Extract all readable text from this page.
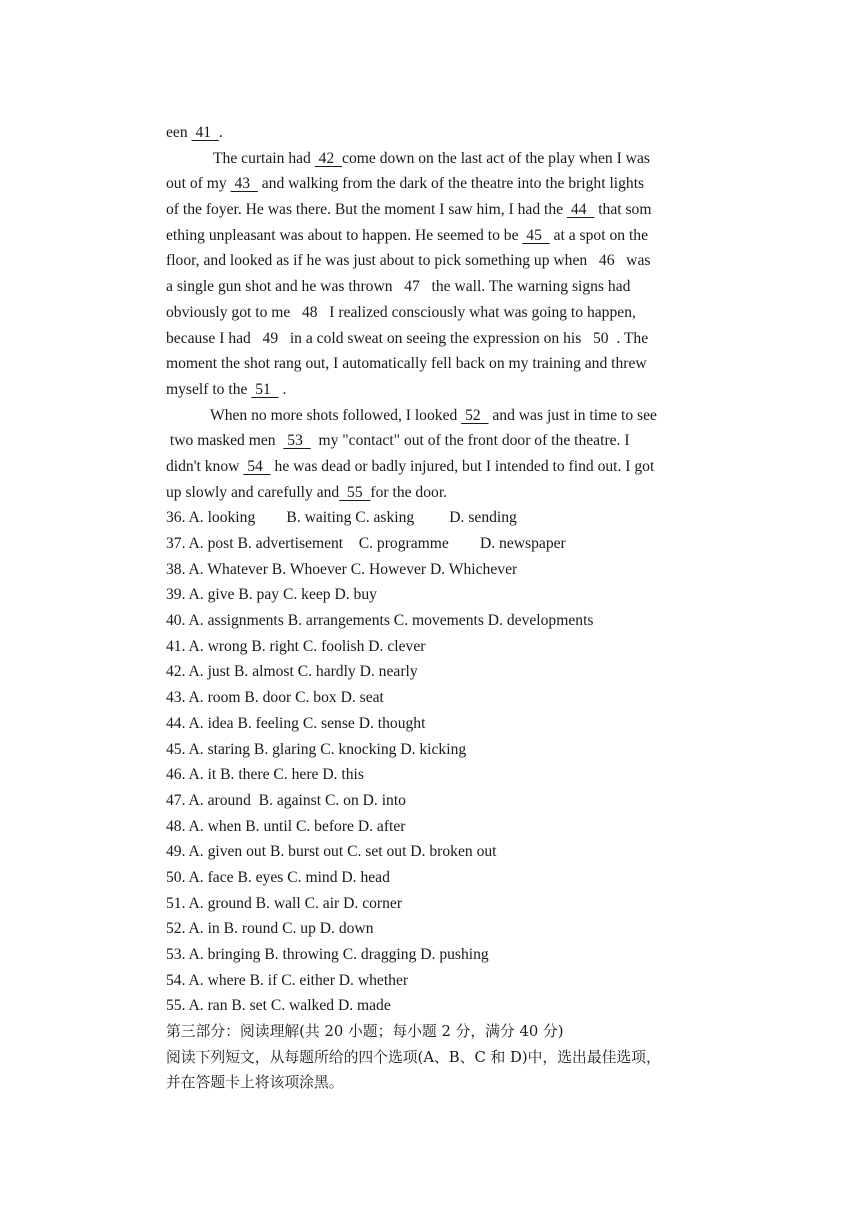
een  41  .
The curtain had  42  come down on the last act of the play when I was
out of my  43   and walking from the dark of the theatre into the bright lights
of the foyer. He was there. But the moment I saw him, I had the  44   that som
ething unpleasant was about to happen. He seemed to be  45   at a spot on the
floor, and looked as if he was just about to pick something up when   46   was
a single gun shot and he was thrown   47   the wall. The warning signs had
obviously got to me   48   I realized consciously what was going to happen,
because I had   49   in a cold sweat on seeing the expression on his   50  . The
moment the shot rang out, I automatically fell back on my training and threw
myself to the  51   .
When no more shots followed, I looked  52   and was just in time to see
two masked men   53    my "contact" out of the front door of the theatre. I
didn't know  54   he was dead or badly injured, but I intended to find out. I got
up slowly and carefully and  55  for the door.
36. A. looking        B. waiting C. asking         D. sending
37. A. post B. advertisement    C. programme        D. newspaper
38. A. Whatever B. Whoever C. However D. Whichever
39. A. give B. pay C. keep D. buy
40. A. assignments B. arrangements C. movements D. developments
41. A. wrong B. right C. foolish D. clever
42. A. just B. almost C. hardly D. nearly
43. A. room B. door C. box D. seat
44. A. idea B. feeling C. sense D. thought
45. A. staring B. glaring C. knocking D. kicking
46. A. it B. there C. here D. this
47. A. around  B. against C. on D. into
48. A. when B. until C. before D. after
49. A. given out B. burst out C. set out D. broken out
50. A. face B. eyes C. mind D. head
51. A. ground B. wall C. air D. corner
52. A. in B. round C. up D. down
53. A. bringing B. throwing C. dragging D. pushing
54. A. where B. if C. either D. whether
55. A. ran B. set C. walked D. made
第三部分：阅读理解(共 20 小题；每小题 2 分，满分 40 分)
阅读下列短文，从每题所给的四个选项(A、B、C 和 D)中，选出最佳选项，
并在答题卡上将该项涂黑。
